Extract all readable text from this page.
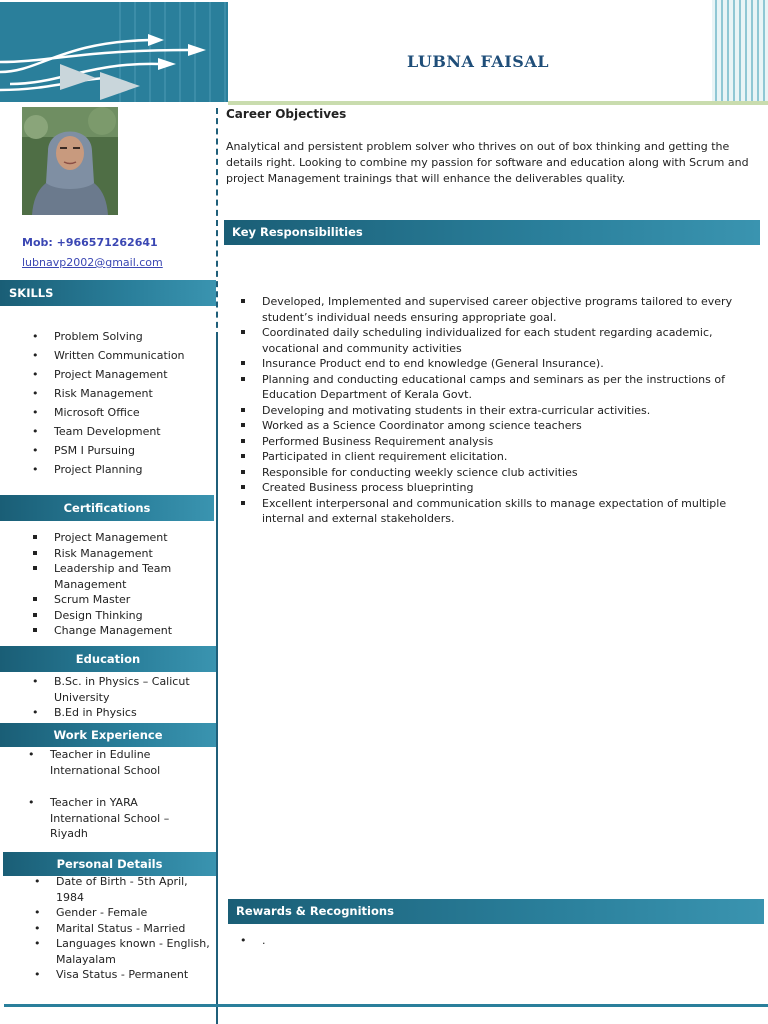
LUBNA FAISAL
Mob: +966571262641
lubnavp2002@gmail.com
SKILLS
• Problem Solving
• Written Communication
• Project Management
• Risk Management
• Microsoft Office
• Team Development
• PSM I Pursuing
• Project Planning
Certifications
Project Management
Risk Management
Leadership and Team Management
Scrum Master
Design Thinking
Change Management
Education
• B.Sc. in Physics – Calicut University
• B.Ed in Physics
Work Experience
• Teacher in Eduline International School
• Teacher in YARA International School – Riyadh
Personal Details
• Date of Birth - 5th April, 1984
• Gender - Female
• Marital Status - Married
• Languages known - English, Malayalam
• Visa Status - Permanent
Career Objectives
Analytical and persistent problem solver who thrives on out of box thinking and getting the details right. Looking to combine my passion for software and education along with Scrum and project Management trainings that will enhance the deliverables quality.
Key Responsibilities
Developed, Implemented and supervised career objective programs tailored to every student’s individual needs ensuring appropriate goal.
Coordinated daily scheduling individualized for each student regarding academic, vocational and community activities
Insurance Product end to end knowledge (General Insurance).
Planning and conducting educational camps and seminars as per the instructions of Education Department of Kerala Govt.
Developing and motivating students in their extra-curricular activities.
Worked as a Science Coordinator among science teachers
Performed Business Requirement analysis
Participated in client requirement elicitation.
Responsible for conducting weekly science club activities
Created Business process blueprinting
Excellent interpersonal and communication skills to manage expectation of multiple internal and external stakeholders.
Rewards & Recognitions
• .
